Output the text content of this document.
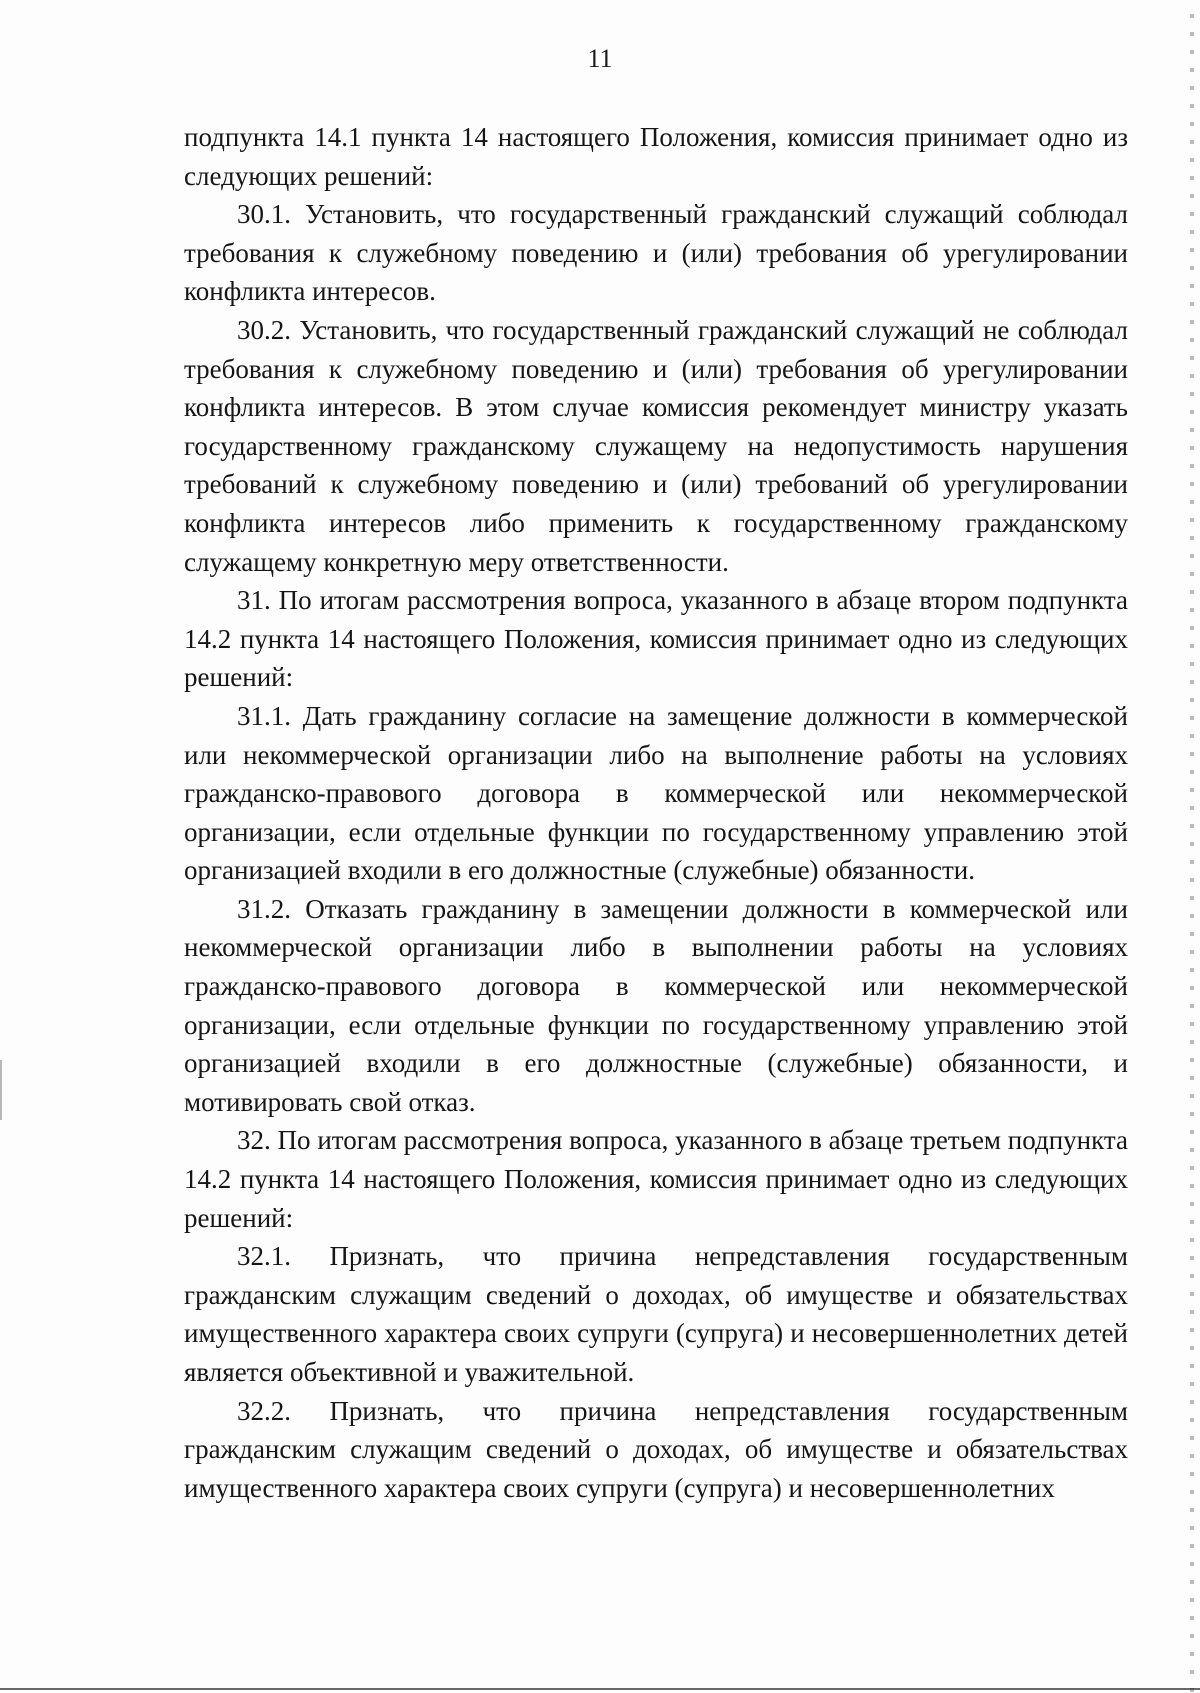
11

подпункта 14.1 пункта 14 настоящего Положения, комиссия принимает одно из следующих решений:

30.1. Установить, что государственный гражданский служащий соблюдал требования к служебному поведению и (или) требования об урегулировании конфликта интересов.

30.2. Установить, что государственный гражданский служащий не соблюдал требования к служебному поведению и (или) требования об урегулировании конфликта интересов. В этом случае комиссия рекомендует министру указать государственному гражданскому служащему на недопустимость нарушения требований к служебному поведению и (или) требований об урегулировании конфликта интересов либо применить к государственному гражданскому служащему конкретную меру ответственности.

31. По итогам рассмотрения вопроса, указанного в абзаце втором подпункта 14.2 пункта 14 настоящего Положения, комиссия принимает одно из следующих решений:

31.1. Дать гражданину согласие на замещение должности в коммерческой или некоммерческой организации либо на выполнение работы на условиях гражданско-правового договора в коммерческой или некоммерческой организации, если отдельные функции по государственному управлению этой организацией входили в его должностные (служебные) обязанности.

31.2. Отказать гражданину в замещении должности в коммерческой или некоммерческой организации либо в выполнении работы на условиях гражданско-правового договора в коммерческой или некоммерческой организации, если отдельные функции по государственному управлению этой организацией входили в его должностные (служебные) обязанности, и мотивировать свой отказ.

32. По итогам рассмотрения вопроса, указанного в абзаце третьем подпункта 14.2 пункта 14 настоящего Положения, комиссия принимает одно из следующих решений:

32.1. Признать, что причина непредставления государственным гражданским служащим сведений о доходах, об имуществе и обязательствах имущественного характера своих супруги (супруга) и несовершеннолетних детей является объективной и уважительной.

32.2. Признать, что причина непредставления государственным гражданским служащим сведений о доходах, об имуществе и обязательствах имущественного характера своих супруги (супруга) и несовершеннолетних
